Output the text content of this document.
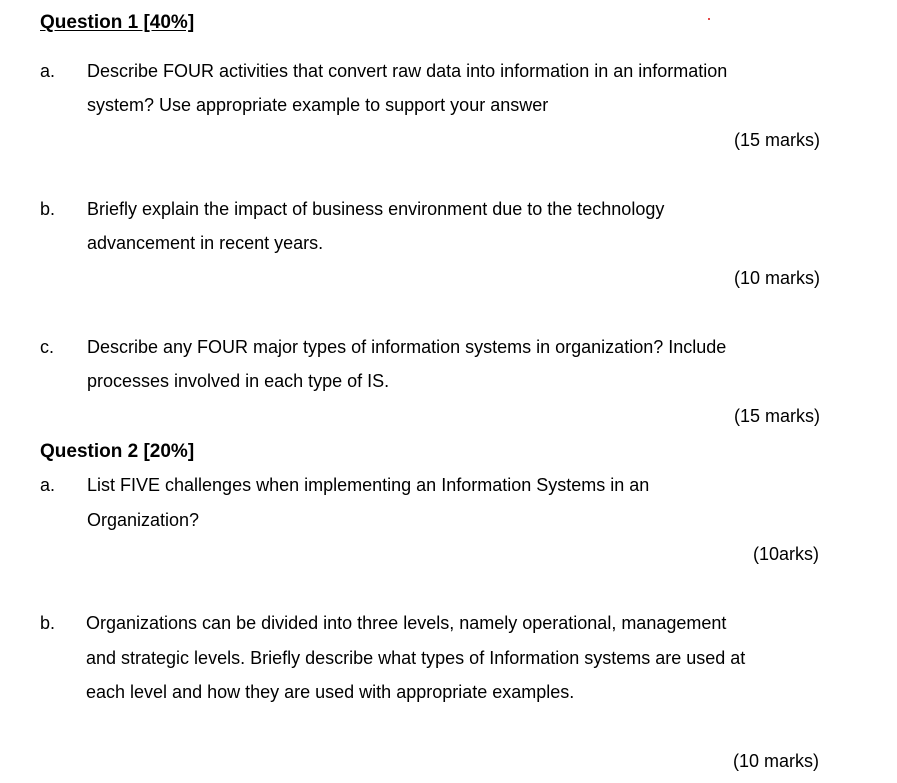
Question 1 [40%]
a. Describe FOUR activities that convert raw data into information in an information
system? Use appropriate example to support your answer
(15 marks)
b. Briefly explain the impact of business environment due to the technology
advancement in recent years.
(10 marks)
c. Describe any FOUR major types of information systems in organization? Include
processes involved in each type of IS.
(15 marks)
Question 2 [20%]
a. List FIVE challenges when implementing an Information Systems in an
Organization?
(10arks)
b. Organizations can be divided into three levels, namely operational, management
and strategic levels. Briefly describe what types of Information systems are used at
each level and how they are used with appropriate examples.
(10 marks)
